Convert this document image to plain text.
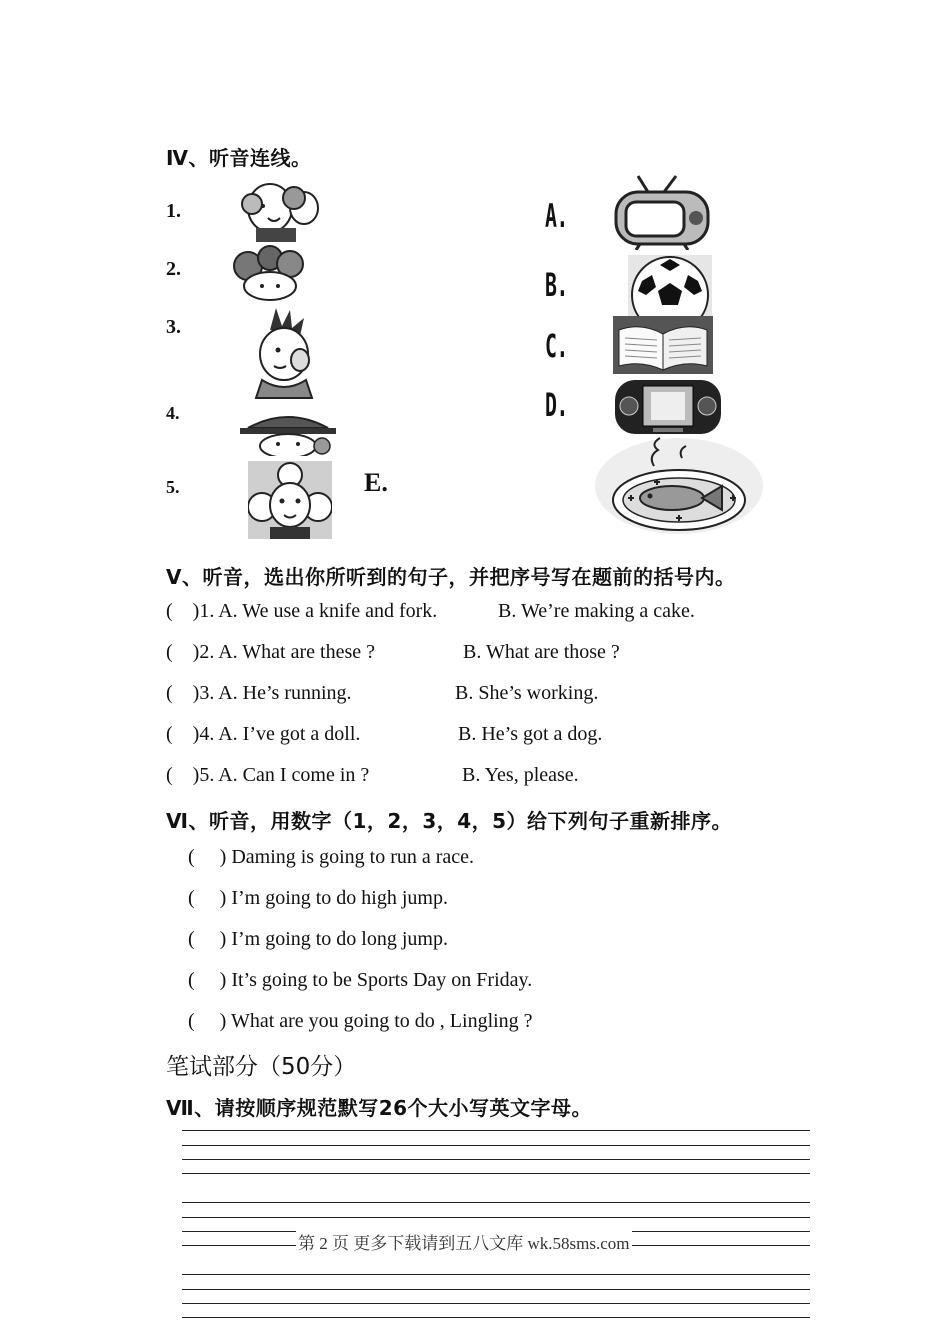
Ⅳ、听音连线。
1.
2.
3.
4.
5.
A.
B.
C.
D.
E.
Ⅴ、听音，选出你所听到的句子，并把序号写在题前的括号内。
(    )1. A. We use a knife and fork.	B. We’re making a cake.
(    )2. A. What are these ?	B. What are those ?
(    )3. A. He’s running.	B. She’s working.
(    )4. A. I’ve got a doll.	B. He’s got a dog.
(    )5. A. Can I come in ?	B. Yes, please.
Ⅵ、听音，用数字（1，2，3，4，5）给下列句子重新排序。
(     ) Daming is going to run a race.
(     ) I’m going to do high jump.
(     ) I’m going to do long jump.
(     ) It’s going to be Sports Day on Friday.
(     ) What are you going to do , Lingling ?
笔试部分（50分）
Ⅶ、请按顺序规范默写26个大小写英文字母。
第 2 页 更多下载请到五八文库 wk.58sms.com
